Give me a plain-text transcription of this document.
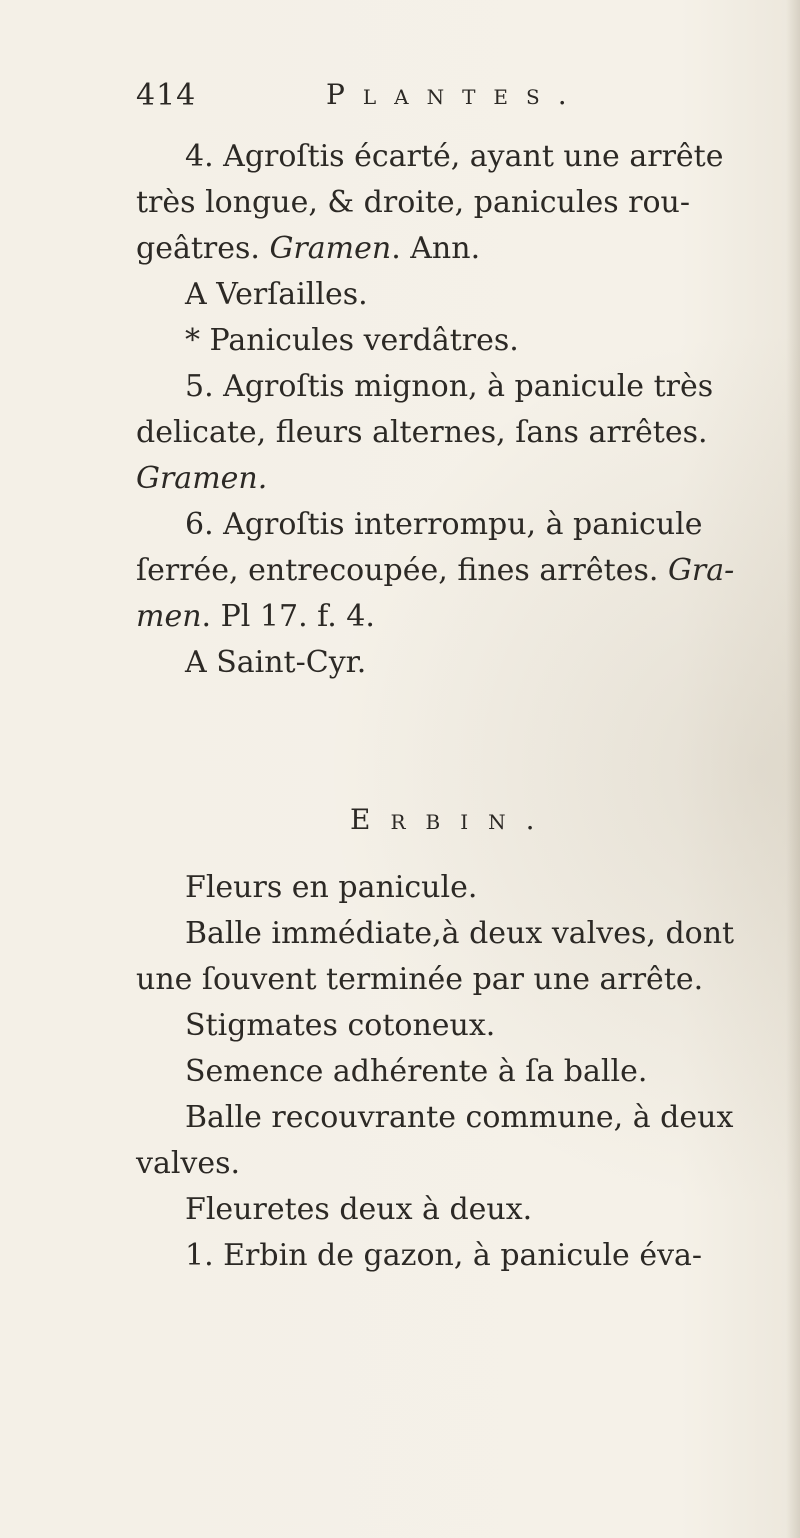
414	Plantes.
4. Agroſtis écarté, ayant une arrête
très longue, & droite, panicules rou-
geâtres. Gramen. Ann.
A Verſailles.
* Panicules verdâtres.
5. Agroſtis mignon, à panicule très
delicate, fleurs alternes, ſans arrêtes.
Gramen.
6. Agroſtis interrompu, à panicule
ſerrée, entrecoupée, fines arrêtes. Gra-
men. Pl 17. f. 4.
A Saint-Cyr.
Erbin.
Fleurs en panicule.
Balle immédiate,à deux valves, dont
une ſouvent terminée par une arrête.
Stigmates cotoneux.
Semence adhérente à ſa balle.
Balle recouvrante commune, à deux
valves.
Fleuretes deux à deux.
1. Erbin de gazon, à panicule éva-
